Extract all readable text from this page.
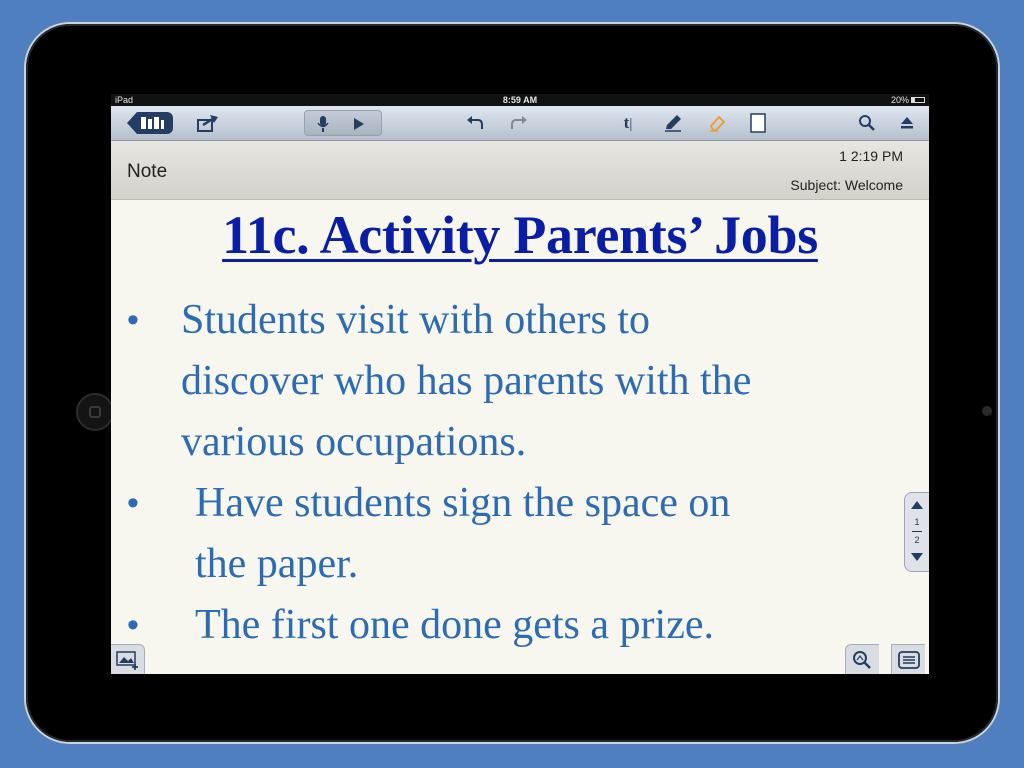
iPad	8:59 AM	20%
t|
Note
1 2:19 PM
Subject: Welcome
11c. Activity Parents’ Jobs
• Students visit with others to
discover who has parents with the
various occupations.
• Have students sign the space on
the paper.
• The first one done gets a prize.
1
2
